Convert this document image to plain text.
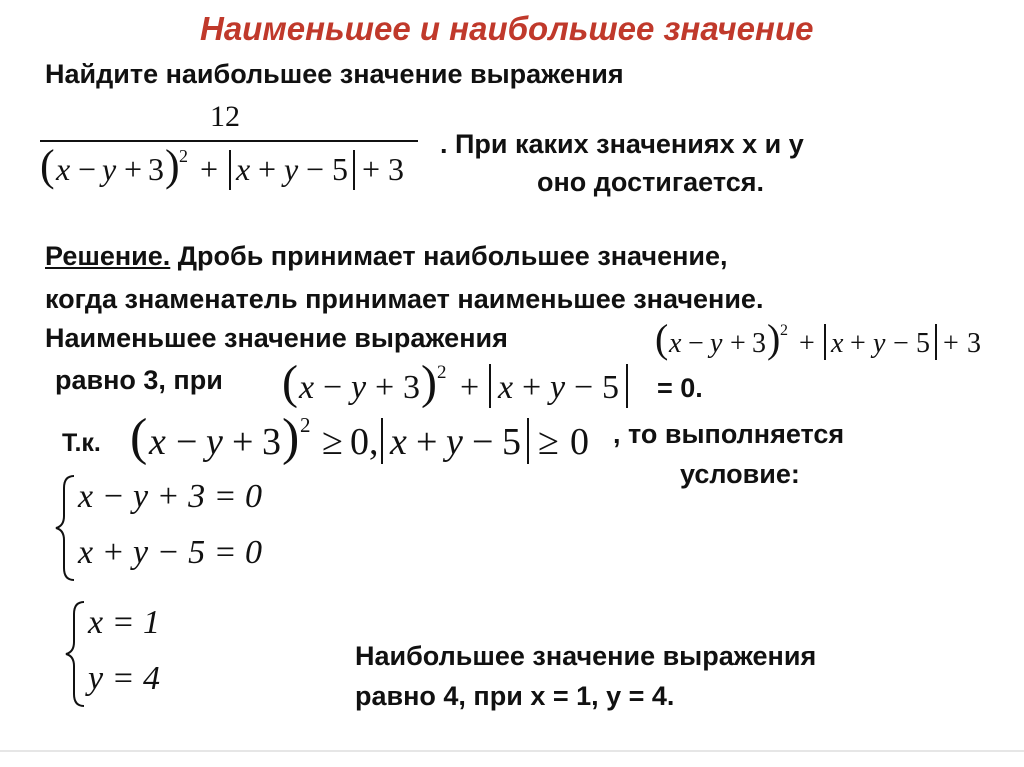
Наименьшее и наибольшее значение
Найдите наибольшее значение выражения
12
( x − y + 3 ) 2 + x + y − 5 + 3
. При каких значениях х и у
оно достигается.
Решение. Дробь принимает наибольшее значение,
когда знаменатель принимает наименьшее значение.
Наименьшее значение выражения	( x − y + 3 ) 2 + x + y − 5 + 3
равно 3, при ( x − y + 3 ) 2 + x + y − 5 = 0.
Т.к. ( x − y + 3 ) 2 ≥ 0, x + y − 5 ≥ 0 , то выполняется
условие:
x − y + 3 = 0
x + y − 5 = 0
x = 1
y = 4
Наибольшее значение выражения
равно 4, при х = 1, у = 4.
